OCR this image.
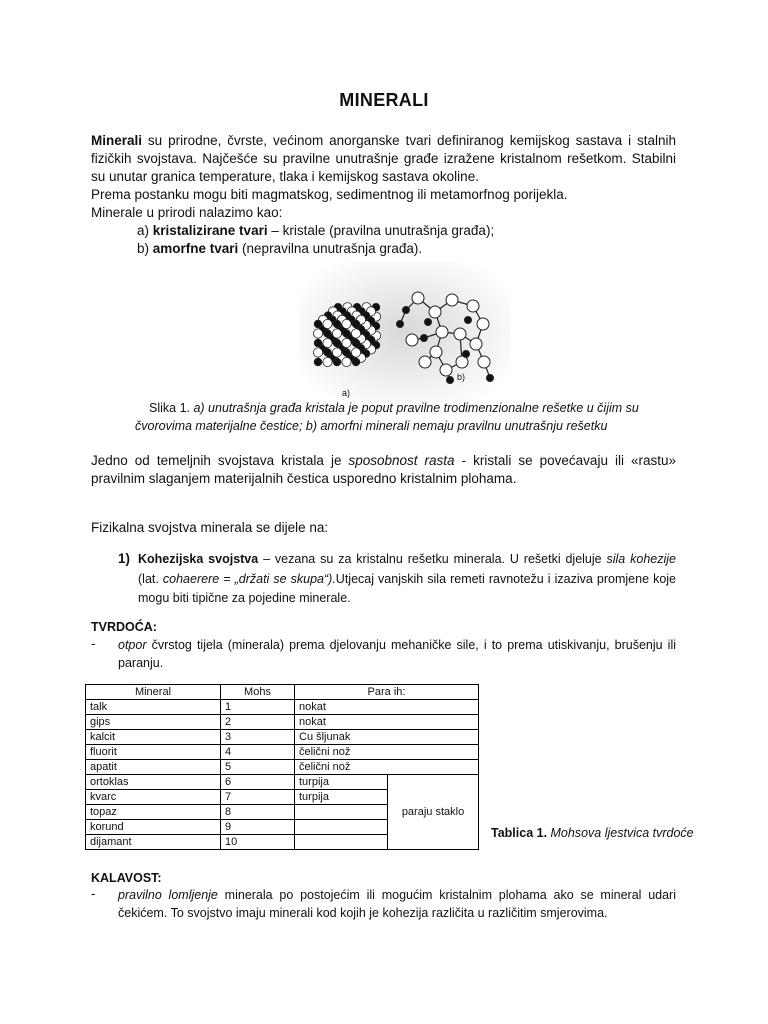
MINERALI
Minerali su prirodne, čvrste, većinom anorganske tvari definiranog kemijskog sastava i stalnih fizičkih svojstava. Najčešće su pravilne unutrašnje građe izražene kristalnom rešetkom. Stabilni su unutar granica temperature, tlaka i kemijskog sastava okoline.
Prema postanku mogu biti magmatskog, sedimentnog ili metamorfnog porijekla.
Minerale u prirodi nalazimo kao:
a) kristalizirane tvari – kristale (pravilna unutrašnja građa);
b) amorfne tvari (nepravilna unutrašnja građa).
a)
b)
Slika 1. a) unutrašnja građa kristala je poput pravilne trodimenzionalne rešetke u čijim su čvorovima materijalne čestice; b) amorfni minerali nemaju pravilnu unutrašnju rešetku
Jedno od temeljnih svojstava kristala je sposobnost rasta - kristali se povećavaju ili «rastu» pravilnim slaganjem materijalnih čestica usporedno kristalnim plohama.
Fizikalna svojstva minerala se dijele na:
1) Kohezijska svojstva – vezana su za kristalnu rešetku minerala. U rešetki djeluje sila kohezije (lat. cohaerere = „držati se skupa“).Utjecaj vanjskih sila remeti ravnotežu i izaziva promjene koje mogu biti tipične za pojedine minerale.
TVRDOĆA:
- otpor čvrstog tijela (minerala) prema djelovanju mehaničke sile, i to prema utiskivanju, brušenju ili paranju.
Mineral	Mohs	Para ih:	
talk	1	nokat	
gips	2	nokat	
kalcit	3	Cu šljunak	
fluorit	4	čelični nož	
apatit	5	čelični nož	
ortoklas	6	turpija	paraju staklo
kvarc	7	turpija	
topaz	8		
korund	9		
dijamant	10		
Tablica 1. Mohsova ljestvica tvrdoće
KALAVOST:
- pravilno lomljenje minerala po postojećim ili mogućim kristalnim plohama ako se mineral udari čekićem. To svojstvo imaju minerali kod kojih je kohezija različita u različitim smjerovima.
